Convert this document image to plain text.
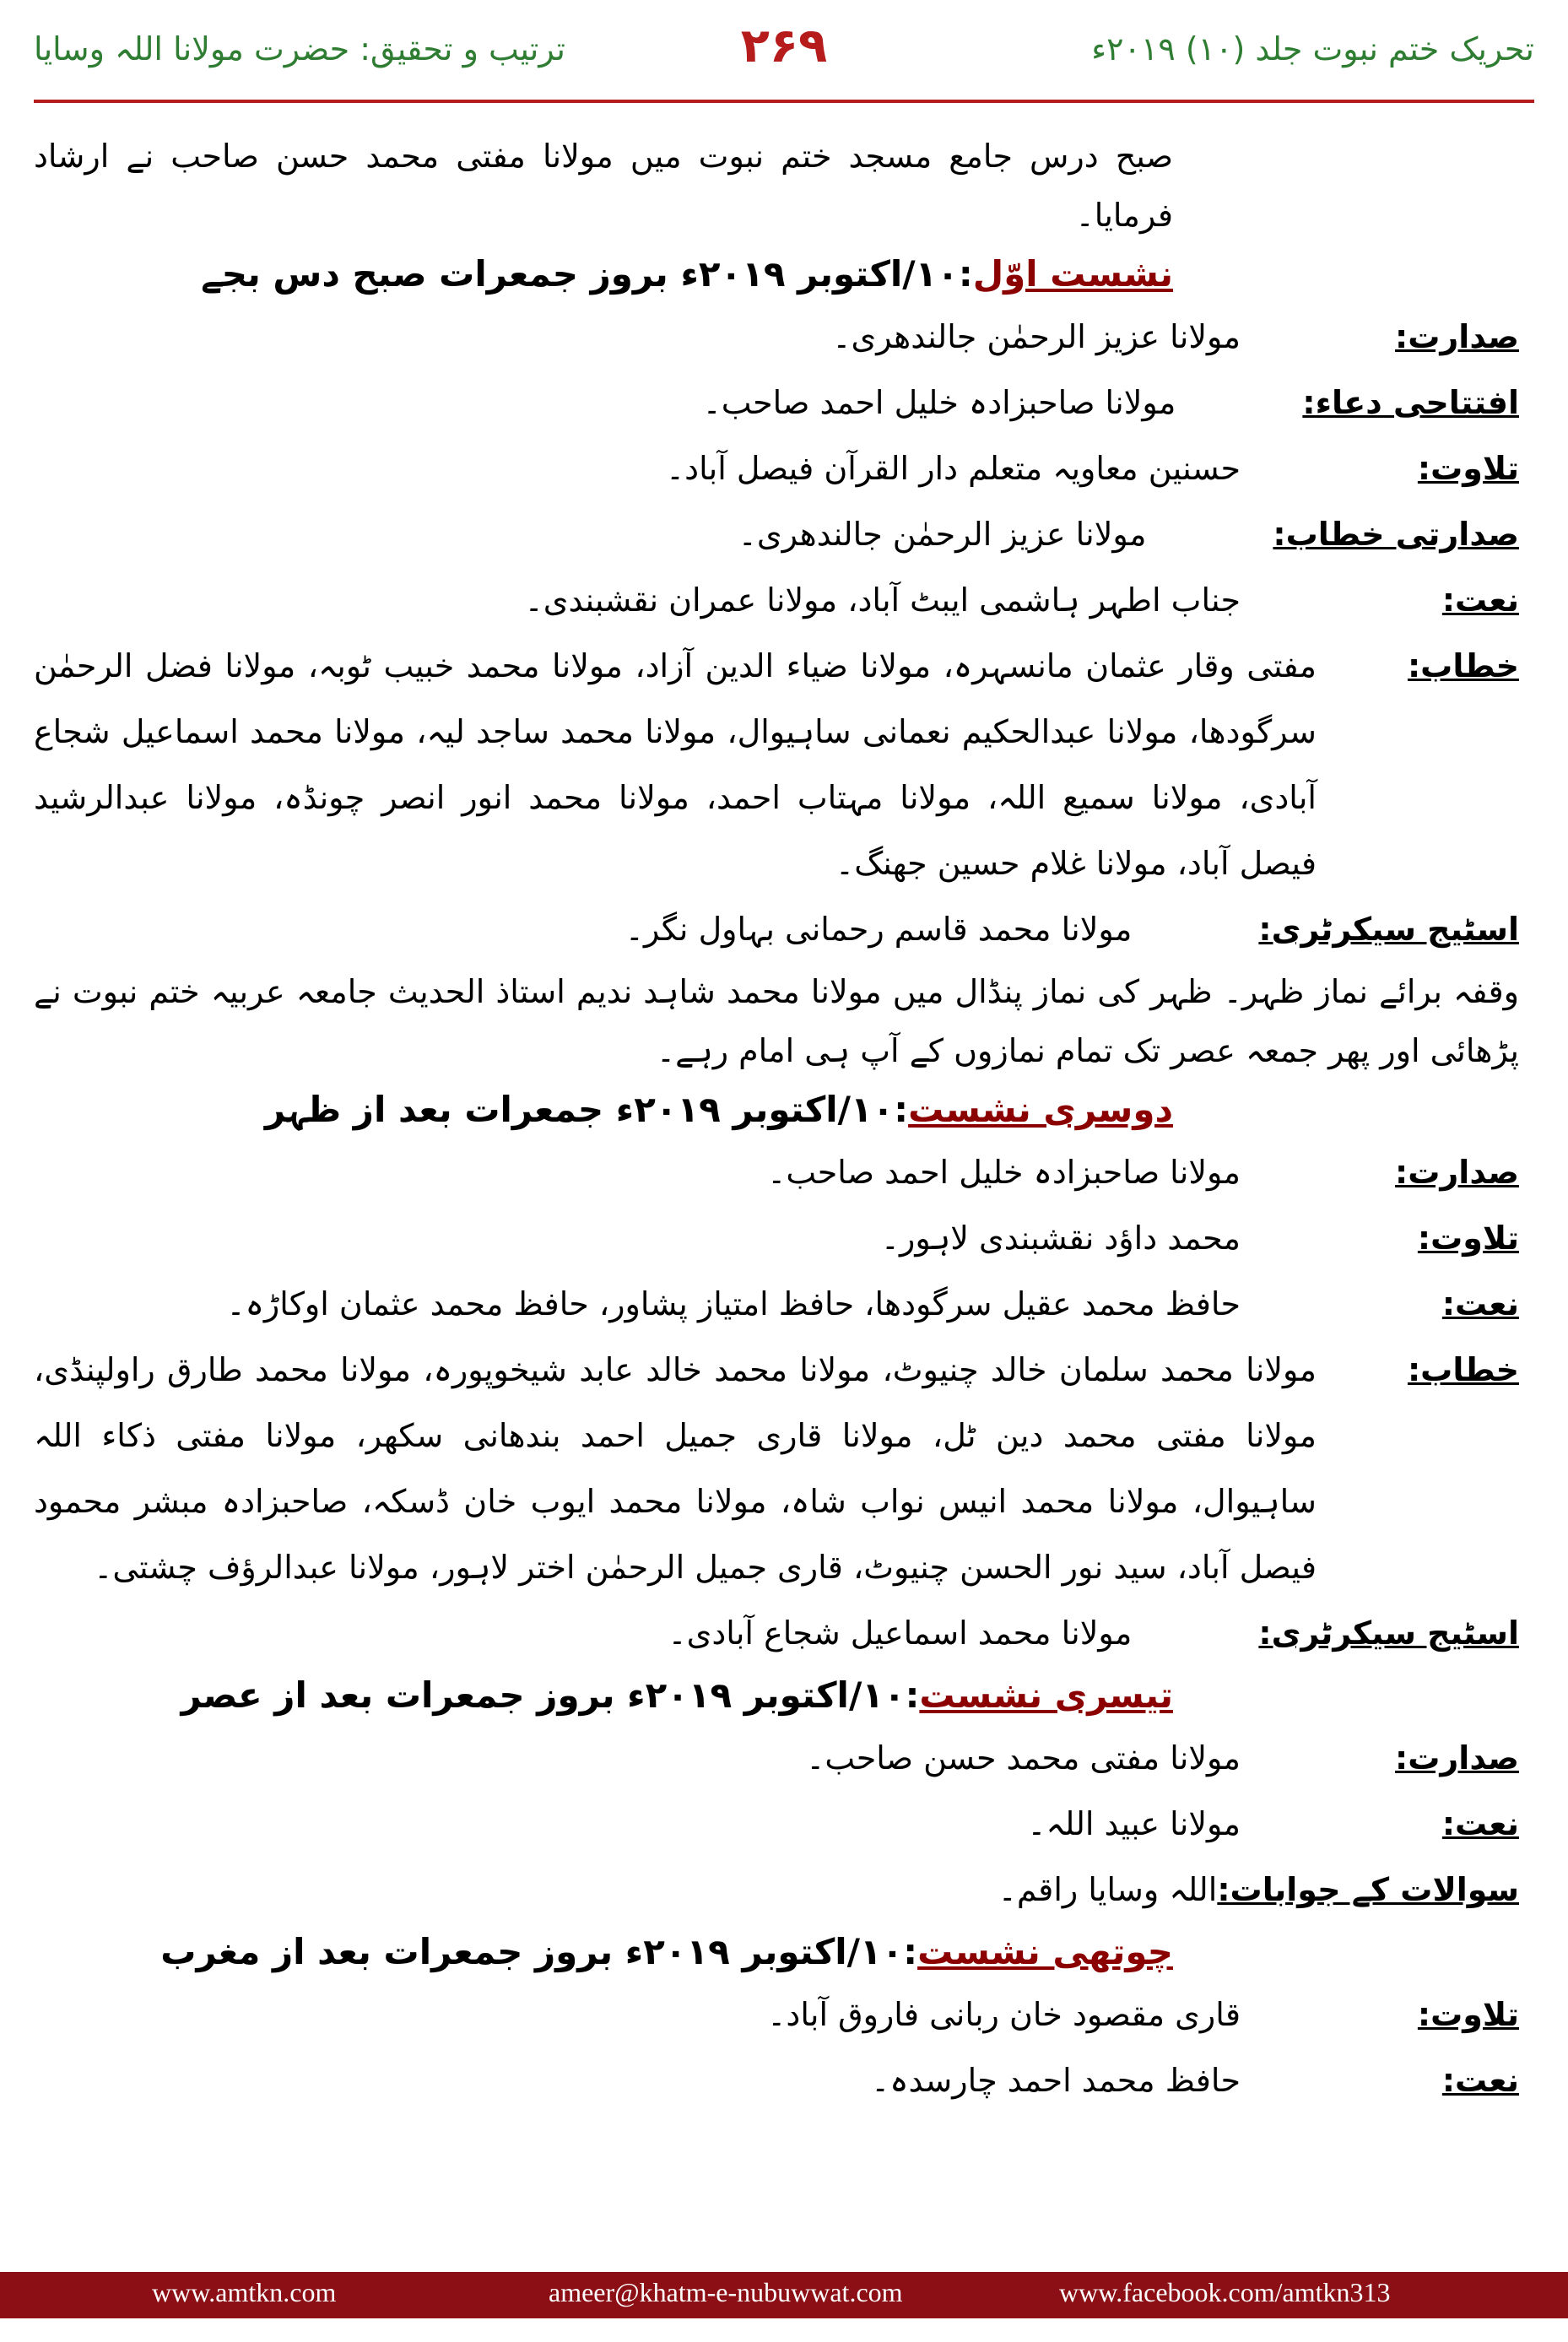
ترتیب و تحقیق: حضرت مولانا اللہ وسایا	۲۶۹	تحریک ختم نبوت جلد (۱۰) ۲۰۱۹ء
صبح درس جامع مسجد ختم نبوت میں مولانا مفتی محمد حسن صاحب نے ارشاد فرمایا۔
نشست اوّل:۱۰/اکتوبر ۲۰۱۹ء بروز جمعرات صبح دس بجے
صدارت:
مولانا عزیز الرحمٰن جالندھری۔
افتتاحی دعاء:
مولانا صاحبزادہ خلیل احمد صاحب۔
تلاوت:
حسنین معاویہ متعلم دار القرآن فیصل آباد۔
صدارتی خطاب:
مولانا عزیز الرحمٰن جالندھری۔
نعت:
جناب اطہر ہاشمی ایبٹ آباد، مولانا عمران نقشبندی۔
خطاب:
مفتی وقار عثمان مانسہرہ، مولانا ضیاء الدین آزاد، مولانا محمد خبیب ٹوبہ، مولانا فضل الرحمٰن سرگودھا، مولانا عبدالحکیم نعمانی ساہیوال، مولانا محمد ساجد لیہ، مولانا محمد اسماعیل شجاع آبادی، مولانا سمیع اللہ، مولانا مہتاب احمد، مولانا محمد انور انصر چونڈہ، مولانا عبدالرشید فیصل آباد، مولانا غلام حسین جھنگ۔
اسٹیج سیکرٹری:
مولانا محمد قاسم رحمانی بہاول نگر۔
وقفہ برائے نماز ظہر۔ ظہر کی نماز پنڈال میں مولانا محمد شاہد ندیم استاذ الحدیث جامعہ عربیہ ختم نبوت نے پڑھائی اور پھر جمعہ عصر تک تمام نمازوں کے آپ ہی امام رہے۔
دوسری نشست:۱۰/اکتوبر ۲۰۱۹ء جمعرات بعد از ظہر
صدارت:
مولانا صاحبزادہ خلیل احمد صاحب۔
تلاوت:
محمد داؤد نقشبندی لاہور۔
نعت:
حافظ محمد عقیل سرگودھا، حافظ امتیاز پشاور، حافظ محمد عثمان اوکاڑہ۔
خطاب:
مولانا محمد سلمان خالد چنیوٹ، مولانا محمد خالد عابد شیخوپورہ، مولانا محمد طارق راولپنڈی، مولانا مفتی محمد دین ٹل، مولانا قاری جمیل احمد بندھانی سکھر، مولانا مفتی ذکاء اللہ ساہیوال، مولانا محمد انیس نواب شاہ، مولانا محمد ایوب خان ڈسکہ، صاحبزادہ مبشر محمود فیصل آباد، سید نور الحسن چنیوٹ، قاری جمیل الرحمٰن اختر لاہور، مولانا عبدالرؤف چشتی۔
اسٹیج سیکرٹری:
مولانا محمد اسماعیل شجاع آبادی۔
تیسری نشست:۱۰/اکتوبر ۲۰۱۹ء بروز جمعرات بعد از عصر
صدارت:
مولانا مفتی محمد حسن صاحب۔
نعت:
مولانا عبید اللہ۔
سوالات کے جوابات:اللہ وسایا راقم۔
چوتھی نشست:۱۰/اکتوبر ۲۰۱۹ء بروز جمعرات بعد از مغرب
تلاوت:
قاری مقصود خان ربانی فاروق آباد۔
نعت:
حافظ محمد احمد چارسدہ۔
www.amtkn.com	ameer@khatm-e-nubuwwat.com	www.facebook.com/amtkn313
